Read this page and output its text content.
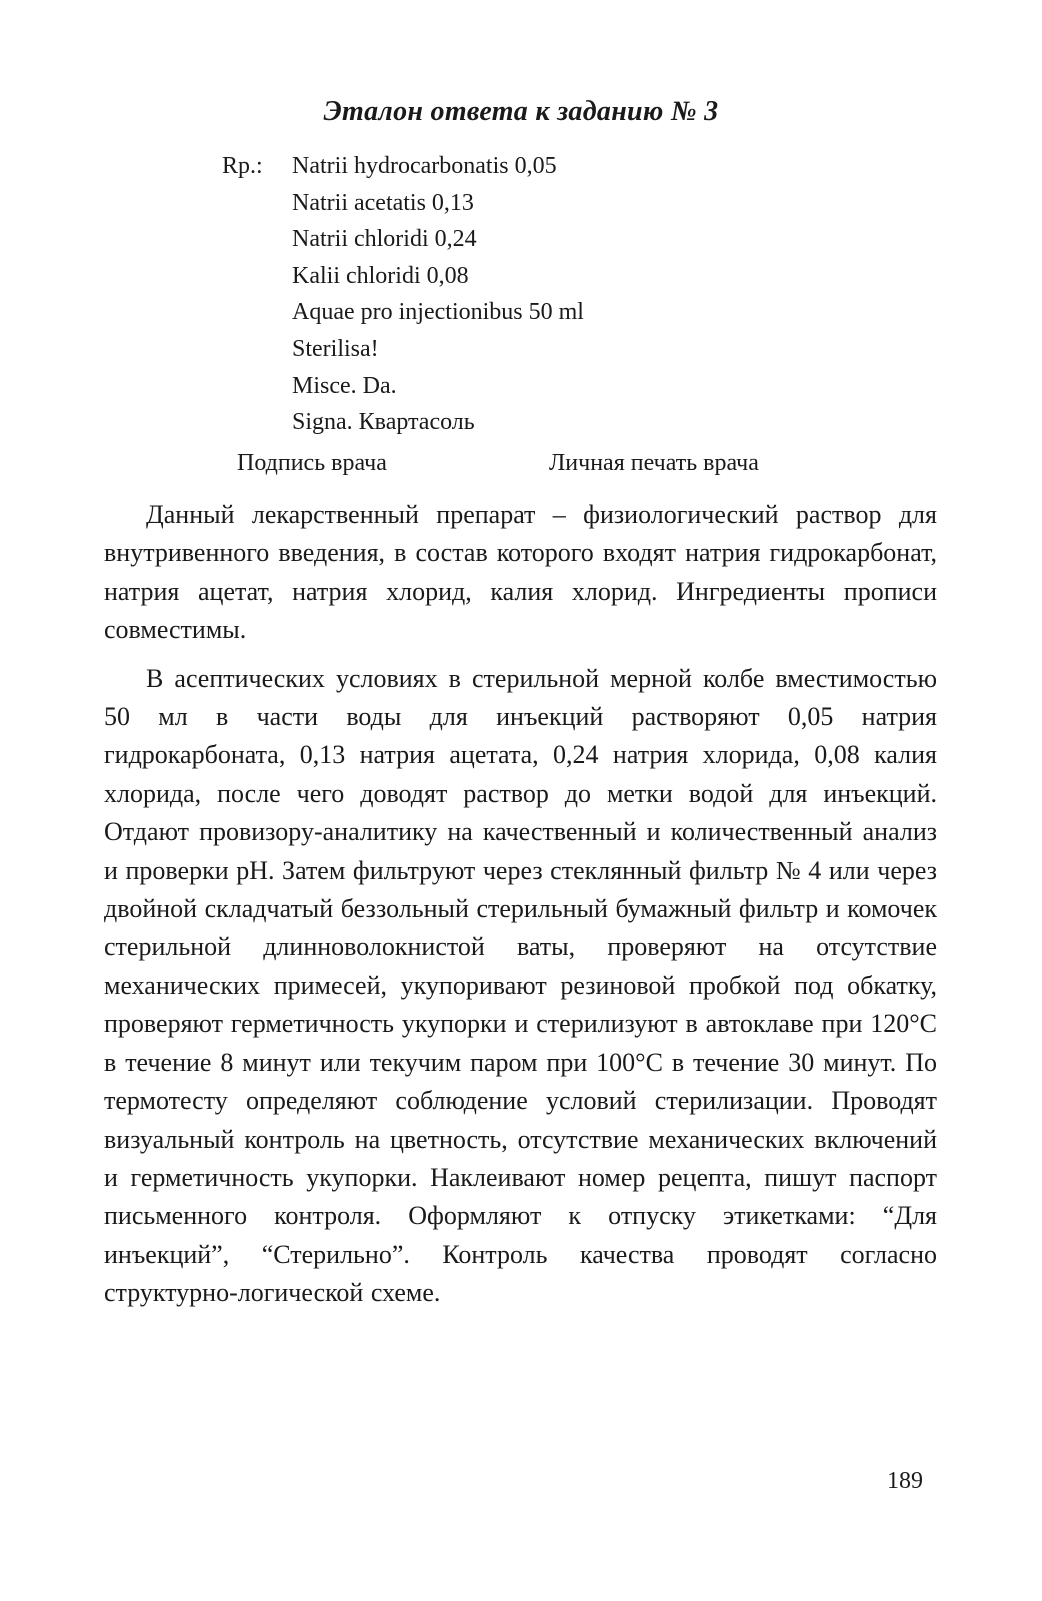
Эталон ответа к заданию № 3
Rp.:	Natrii hydrocarbonatis 0,05
Natrii acetatis 0,13
Natrii chloridi 0,24
Kalii chloridi 0,08
Aquae pro injectionibus 50 ml
Sterilisa!
Misce. Da.
Signa. Квартасоль
Подпись врача	Личная печать врача

Данный лекарственный препарат – физиологический раствор для внутривенного введения, в состав которого входят натрия гидрокарбонат, натрия ацетат, натрия хлорид, калия хлорид. Ингредиенты прописи совместимы.

В асептических условиях в стерильной мерной колбе вместимостью 50 мл в части воды для инъекций растворяют 0,05 натрия гидрокарбоната, 0,13 натрия ацетата, 0,24 натрия хлорида, 0,08 калия хлорида, после чего доводят раствор до метки водой для инъекций. Отдают провизору-аналитику на качественный и количественный анализ и проверки рН. Затем фильтруют через стеклянный фильтр № 4 или через двойной складчатый беззольный стерильный бумажный фильтр и комочек стерильной длинноволокнистой ваты, проверяют на отсутствие механических примесей, укупоривают резиновой пробкой под обкатку, проверяют герметичность укупорки и стерилизуют в автоклаве при 120°С в течение 8 минут или текучим паром при 100°С в течение 30 минут. По термотесту определяют соблюдение условий стерилизации. Проводят визуальный контроль на цветность, отсутствие механических включений и герметичность укупорки. Наклеивают номер рецепта, пишут паспорт письменного контроля. Оформляют к отпуску этикетками: “Для инъекций”, “Стерильно”. Контроль качества проводят согласно структурно-логической схеме.

189
